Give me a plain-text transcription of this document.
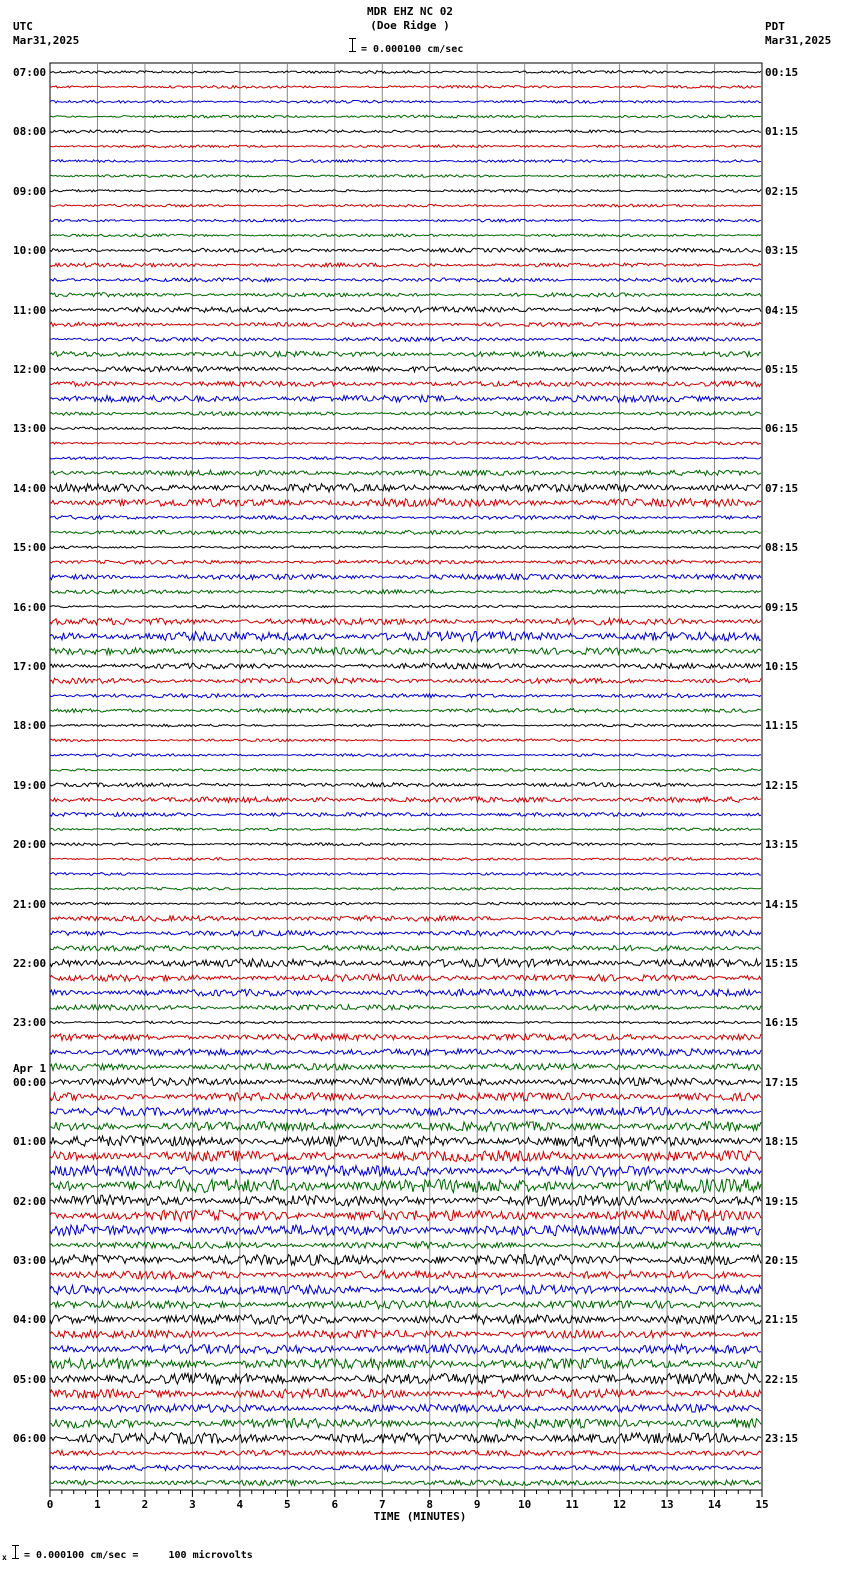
0	1	2	3	4	5	6	7	8	9	10	11	12	13	14	15
MDR EHZ NC 02
(Doe Ridge )
= 0.000100 cm/sec
UTC
Mar31,2025
PDT
Mar31,2025
07:00
08:00
09:00
10:00
11:00
12:00
13:00
14:00
15:00
16:00
17:00
18:00
19:00
20:00
21:00
22:00
23:00
00:00
Apr 1
01:00
02:00
03:00
04:00
05:00
06:00
00:15
01:15
02:15
03:15
04:15
05:15
06:15
07:15
08:15
09:15
10:15
11:15
12:15
13:15
14:15
15:15
16:15
17:15
18:15
19:15
20:15
21:15
22:15
23:15
TIME (MINUTES)
x = 0.000100 cm/sec =     100 microvolts
